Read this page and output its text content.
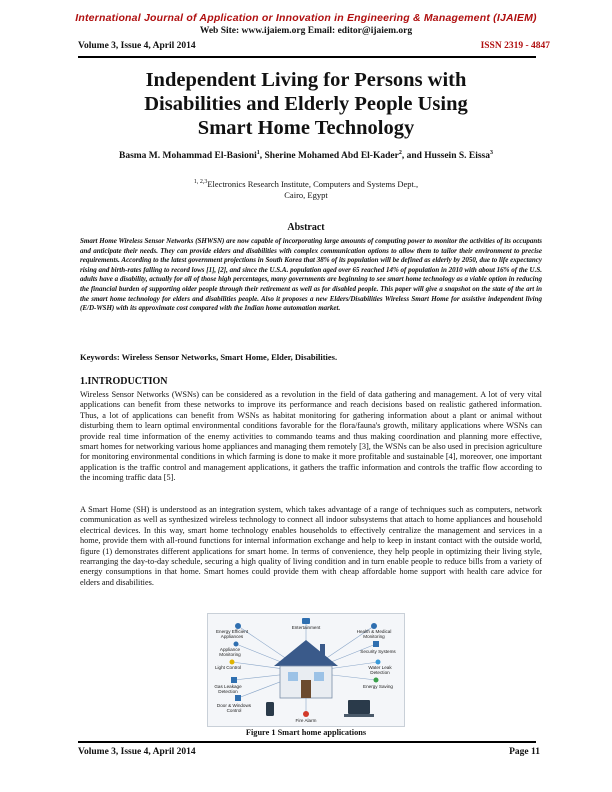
International Journal of Application or Innovation in Engineering & Management (IJAIEM)
Web Site: www.ijaiem.org Email: editor@ijaiem.org
Volume 3, Issue 4, April 2014	ISSN 2319 - 4847
Independent Living for Persons with Disabilities and Elderly People Using Smart Home Technology
Basma M. Mohammad El-Basioni$^1$, Sherine Mohamed Abd El-Kader$^2$, and Hussein S. Eissa$^3$
$^{1, 2,3}$Electronics Research Institute, Computers and Systems Dept.,
Cairo, Egypt
Abstract
Smart Home Wireless Sensor Networks (SHWSN) are now capable of incorporating large amounts of computing power to monitor the activities of its occupants and anticipate their needs. They can provide elders and disabilities with complex communication options to allow them to tailor their environment to precise requirements. According to the latest government projections in South Korea that 38% of its population will be defined as elderly by 2050, due to life expectancy rising and birth-rates falling to record lows [1], [2], and since the U.S.A. population aged over 65 reached 14% of population in 2010 with about 16% of the U.S. adults have a disability, actually for all of those high percentages, many governments are beginning to see smart home technology as a viable option in reducing the financial burden of supporting older people through their retirement as well as for disabled people. This paper will give a snapshot on the state of the art in the smart home technology for elders and disabilities people. Also it proposes a new Elders/Disabilities Wireless Smart Home for assistive independent living (E/D-WSH) with its approximate cost compared with the Indian home automation market.
Keywords: Wireless Sensor Networks, Smart Home, Elder, Disabilities.
1.INTRODUCTION
Wireless Sensor Networks (WSNs) can be considered as a revolution in the field of data gathering and management. A lot of very vital applications can benefit from these networks to improve its performance and reach decisions based on realistic gathered information. Thus, a lot of applications can benefit from WSNs as habitat monitoring for gathering information about a plant or animal without disturbing them to learn optimal environmental conditions favorable for the flora/fauna's growth, military applications where WSNs can provide real time information of the enemy activities to commando teams and thus making coordination and planning more effective, smart homes for networking various home appliances and managing them remotely [3], the WSNs can be also used in precision agriculture for monitoring environmental conditions in which farming is done to make it more profitable and sustainable [4], moreover, one important application is the traffic control and management applications, it gathers the traffic information and controls the traffic flow according to the incoming traffic data [5].
A Smart Home (SH) is understood as an integration system, which takes advantage of a range of techniques such as computers, network communication as well as synthesized wireless technology to connect all indoor subsystems that attach to home appliances and household electrical devices. In this way, smart home technology enables households to effectively centralize the management and services in a home, provide them with all-round functions for internal information exchange and help to keep in instant contact with the outside world, figure (1) demonstrates different applications for smart home. In terms of convenience, they help people in optimizing their living style, rearranging the day-to-day schedule, securing a high quality of living condition and in turn enable people to reduce bills from a variety of energy consumptions in that home. Smart homes could provide them with cheap affordable home support with health care advice for elders and disabilities.
Energy Efficient Appliances
Entertainment
Health & Medical Monitoring
Appliance Monitoring
Security Systems
Light Control	Water Leak Detection
Gas Leakage Detection
Energy Saving
Door & Windows Control
Fire Alarm
Figure 1 Smart home applications
Volume 3, Issue 4, April 2014	Page 11
